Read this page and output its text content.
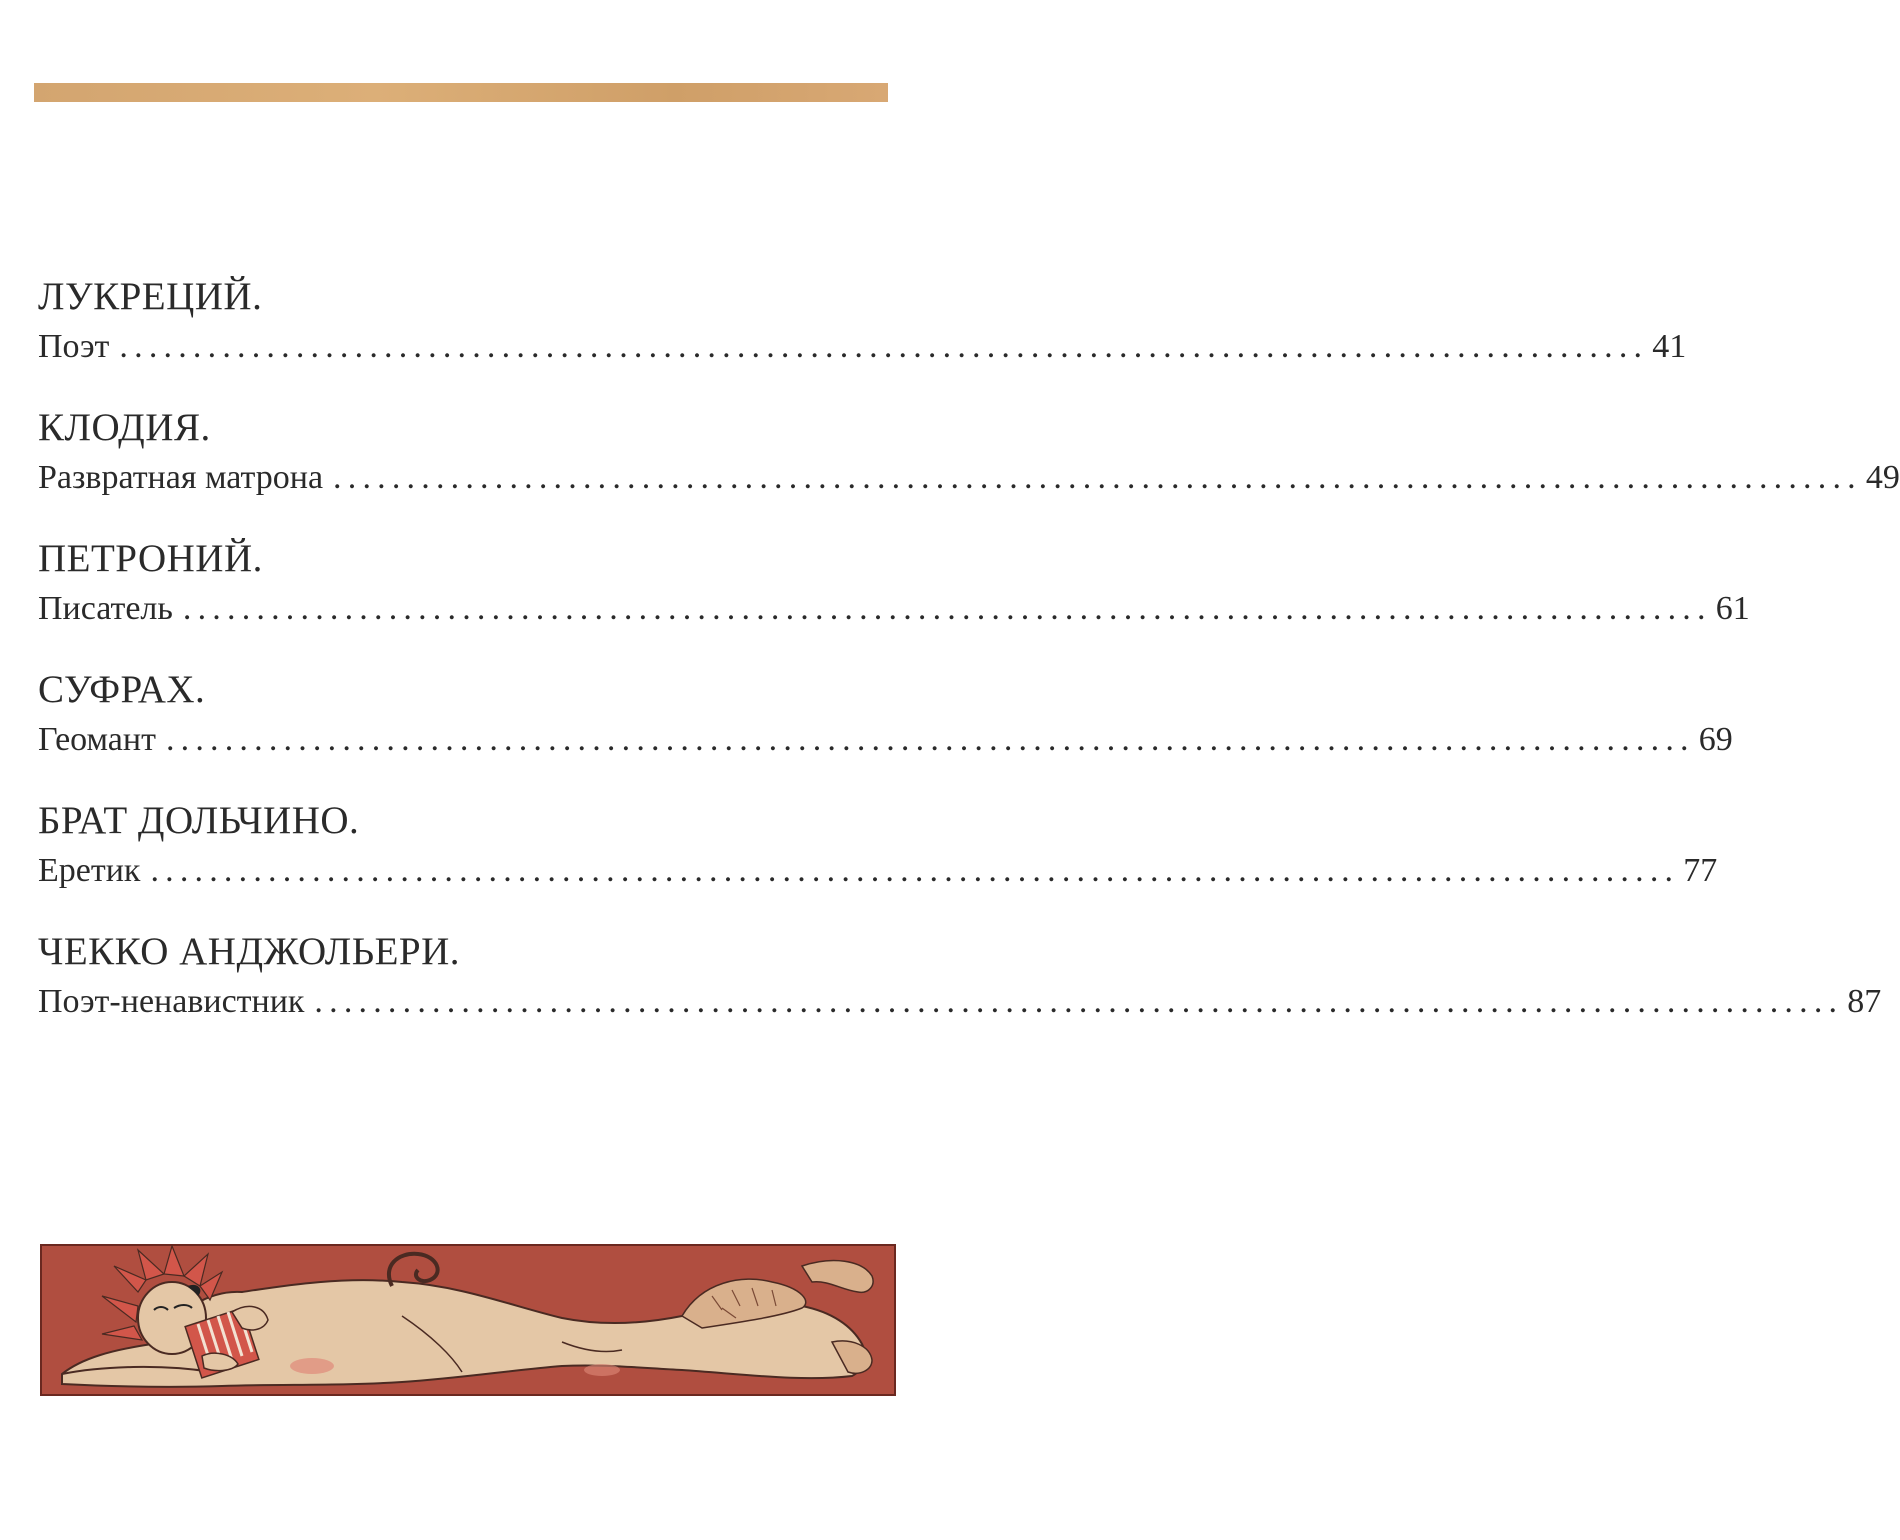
ЛУКРЕЦИЙ.
Поэт ........................................................................................................ 41
КЛОДИЯ.
Развратная матрона ........................................................................................................ 49
ПЕТРОНИЙ.
Писатель ........................................................................................................ 61
СУФРАХ.
Геомант ........................................................................................................ 69
БРАТ ДОЛЬЧИНО.
Еретик ........................................................................................................ 77
ЧЕККО АНДЖОЛЬЕРИ.
Поэт-ненавистник ........................................................................................................ 87
